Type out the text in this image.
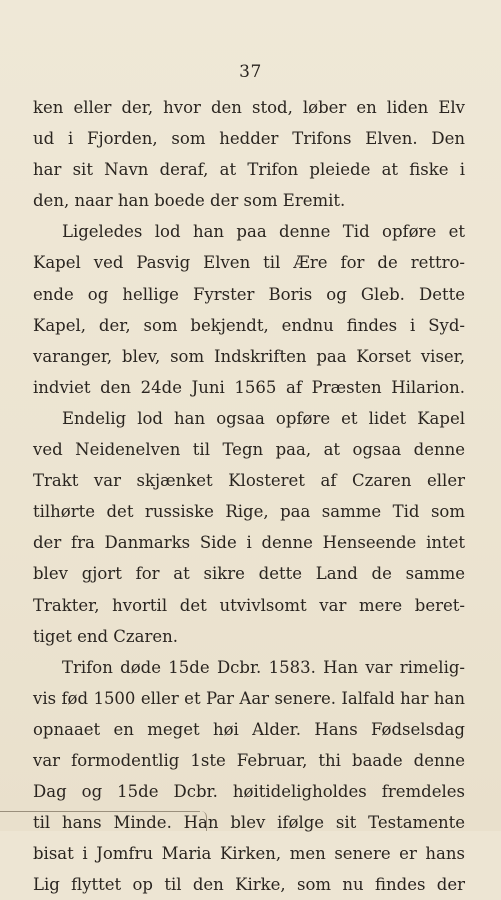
37
ken eller der, hvor den stod, løber en liden Elv
ud i Fjorden, som hedder Trifons Elven. Den
har sit Navn deraf, at Trifon pleiede at fiske i
den, naar han boede der som Eremit.
Ligeledes lod han paa denne Tid opføre et
Kapel ved Pasvig Elven til Ære for de rettro-
ende og hellige Fyrster Boris og Gleb. Dette
Kapel, der, som bekjendt, endnu findes i Syd-
varanger, blev, som Indskriften paa Korset viser,
indviet den 24de Juni 1565 af Præsten Hilarion.
Endelig lod han ogsaa opføre et lidet Kapel
ved Neidenelven til Tegn paa, at ogsaa denne
Trakt var skjænket Klosteret af Czaren eller
tilhørte det russiske Rige, paa samme Tid som
der fra Danmarks Side i denne Henseende intet
blev gjort for at sikre dette Land de samme
Trakter, hvortil det utvivlsomt var mere beret-
tiget end Czaren.
Trifon døde 15de Dcbr. 1583. Han var rimelig-
vis fød 1500 eller et Par Aar senere. Ialfald har han
opnaaet en meget høi Alder. Hans Fødselsdag
var formodentlig 1ste Februar, thi baade denne
Dag og 15de Dcbr. høitideligholdes fremdeles
til hans Minde. Han blev ifølge sit Testamente
bisat i Jomfru Maria Kirken, men senere er hans
Lig flyttet op til den Kirke, som nu findes der
